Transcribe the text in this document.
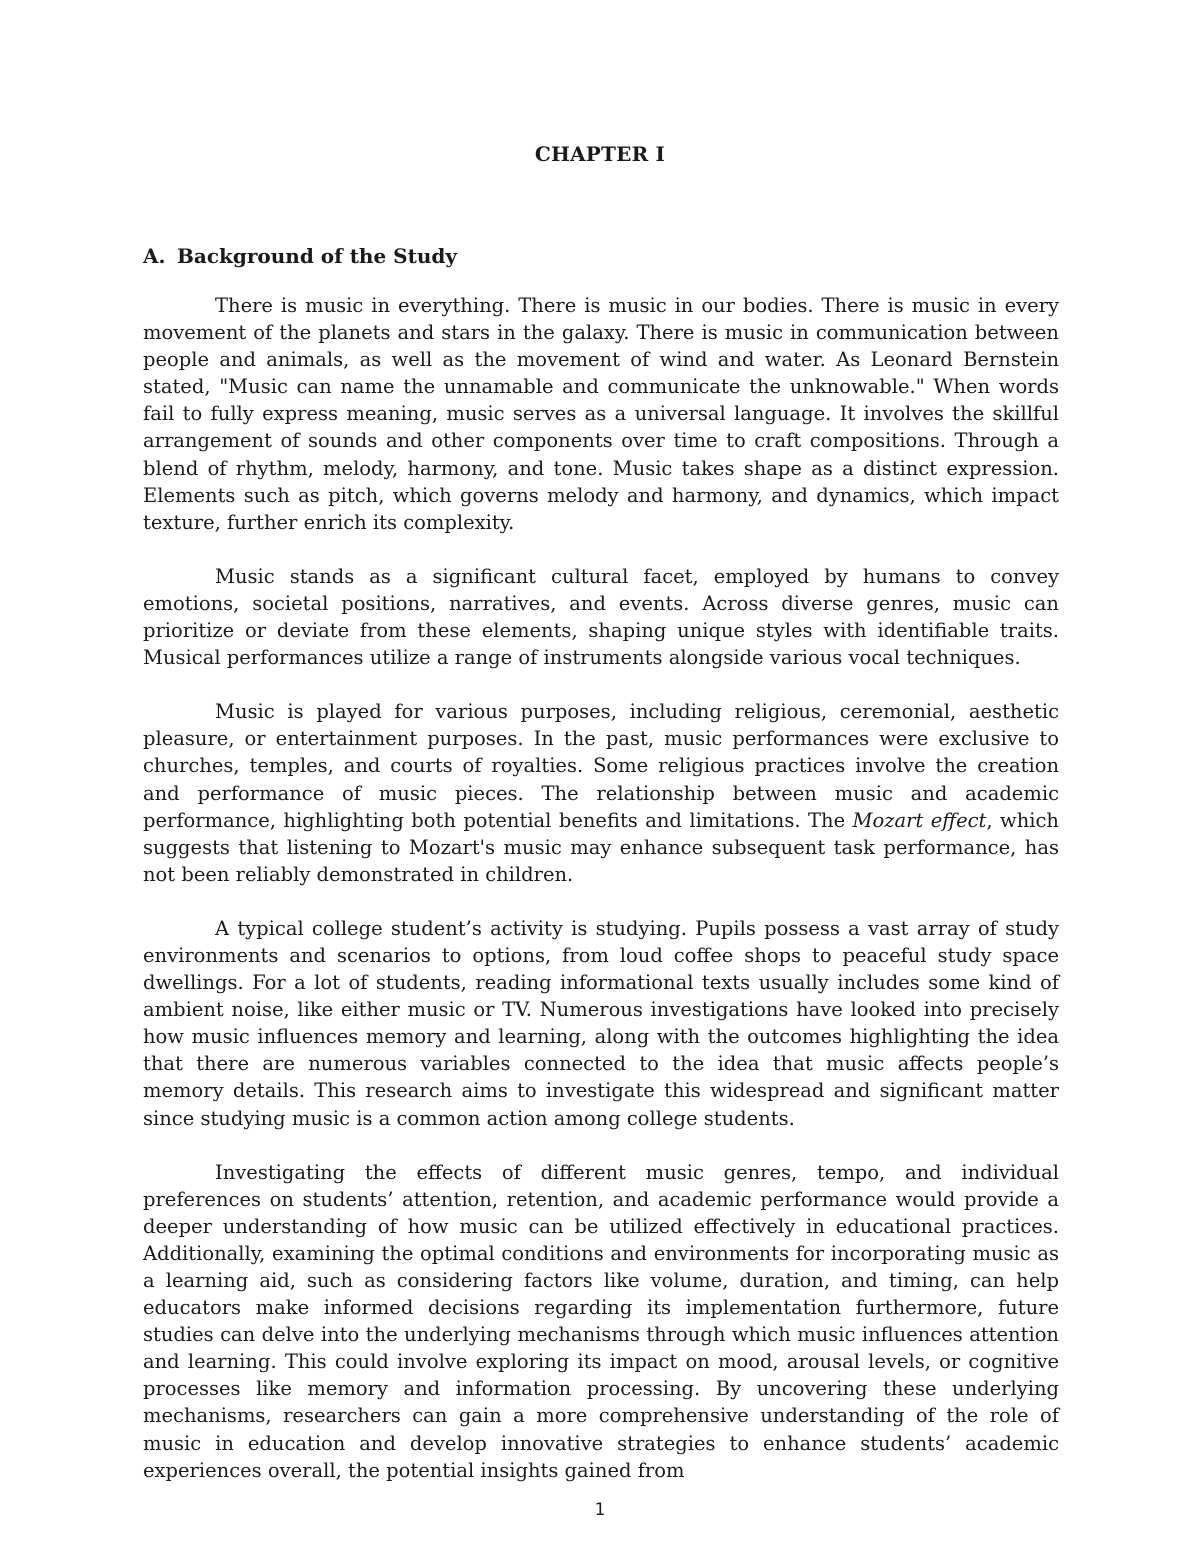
CHAPTER I
A. Background of the Study

There is music in everything. There is music in our bodies. There is music in every movement of the planets and stars in the galaxy. There is music in communication between people and animals, as well as the movement of wind and water. As Leonard Bernstein stated, "Music can name the unnamable and communicate the unknowable." When words fail to fully express meaning, music serves as a universal language. It involves the skillful arrangement of sounds and other components over time to craft compositions. Through a blend of rhythm, melody, harmony, and tone. Music takes shape as a distinct expression. Elements such as pitch, which governs melody and harmony, and dynamics, which impact texture, further enrich its complexity.

Music stands as a significant cultural facet, employed by humans to convey emotions, societal positions, narratives, and events. Across diverse genres, music can prioritize or deviate from these elements, shaping unique styles with identifiable traits. Musical performances utilize a range of instruments alongside various vocal techniques.

Music is played for various purposes, including religious, ceremonial, aesthetic pleasure, or entertainment purposes. In the past, music performances were exclusive to churches, temples, and courts of royalties. Some religious practices involve the creation and performance of music pieces. The relationship between music and academic performance, highlighting both potential benefits and limitations. The Mozart effect, which suggests that listening to Mozart's music may enhance subsequent task performance, has not been reliably demonstrated in children.

A typical college student’s activity is studying. Pupils possess a vast array of study environments and scenarios to options, from loud coffee shops to peaceful study space dwellings. For a lot of students, reading informational texts usually includes some kind of ambient noise, like either music or TV. Numerous investigations have looked into precisely how music influences memory and learning, along with the outcomes highlighting the idea that there are numerous variables connected to the idea that music affects people’s memory details. This research aims to investigate this widespread and significant matter since studying music is a common action among college students.

Investigating the effects of different music genres, tempo, and individual preferences on students’ attention, retention, and academic performance would provide a deeper understanding of how music can be utilized effectively in educational practices. Additionally, examining the optimal conditions and environments for incorporating music as a learning aid, such as considering factors like volume, duration, and timing, can help educators make informed decisions regarding its implementation furthermore, future studies can delve into the underlying mechanisms through which music influences attention and learning. This could involve exploring its impact on mood, arousal levels, or cognitive processes like memory and information processing. By uncovering these underlying mechanisms, researchers can gain a more comprehensive understanding of the role of music in education and develop innovative strategies to enhance students’ academic experiences overall, the potential insights gained from

1
